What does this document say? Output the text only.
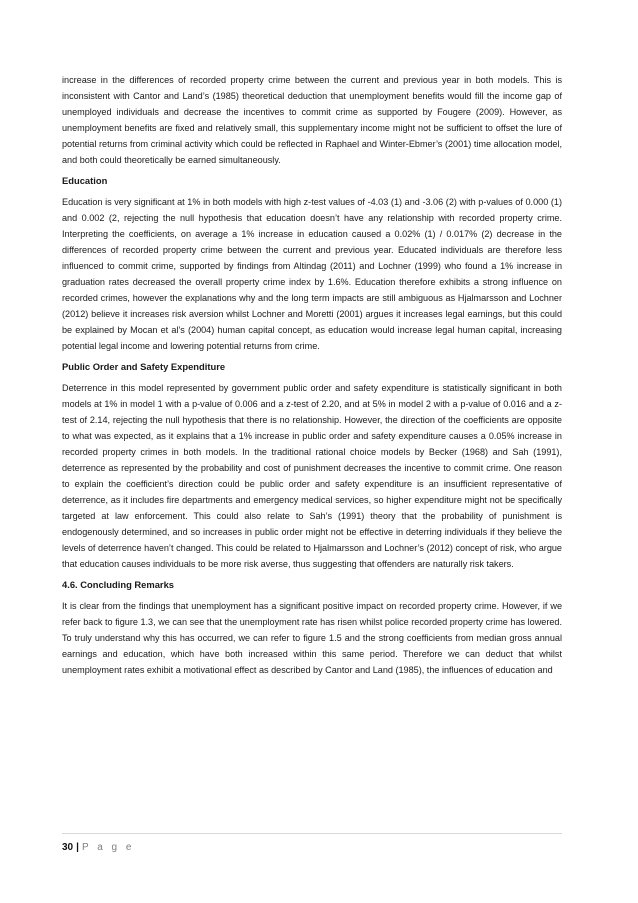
increase in the differences of recorded property crime between the current and previous year in both models. This is inconsistent with Cantor and Land’s (1985) theoretical deduction that unemployment benefits would fill the income gap of unemployed individuals and decrease the incentives to commit crime as supported by Fougere (2009). However, as unemployment benefits are fixed and relatively small, this supplementary income might not be sufficient to offset the lure of potential returns from criminal activity which could be reflected in Raphael and Winter-Ebmer’s (2001) time allocation model, and both could theoretically be earned simultaneously.

Education

Education is very significant at 1% in both models with high z-test values of -4.03 (1) and -3.06 (2) with p-values of 0.000 (1) and 0.002 (2, rejecting the null hypothesis that education doesn’t have any relationship with recorded property crime. Interpreting the coefficients, on average a 1% increase in education caused a 0.02% (1) / 0.017% (2) decrease in the differences of recorded property crime between the current and previous year. Educated individuals are therefore less influenced to commit crime, supported by findings from Altindag (2011) and Lochner (1999) who found a 1% increase in graduation rates decreased the overall property crime index by 1.6%. Education therefore exhibits a strong influence on recorded crimes, however the explanations why and the long term impacts are still ambiguous as Hjalmarsson and Lochner (2012) believe it increases risk aversion whilst Lochner and Moretti (2001) argues it increases legal earnings, but this could be explained by Mocan et al’s (2004) human capital concept, as education would increase legal human capital, increasing potential legal income and lowering potential returns from crime.

Public Order and Safety Expenditure

Deterrence in this model represented by government public order and safety expenditure is statistically significant in both models at 1% in model 1 with a p-value of 0.006 and a z-test of 2.20, and at 5% in model 2 with a p-value of 0.016 and a z-test of 2.14, rejecting the null hypothesis that there is no relationship. However, the direction of the coefficients are opposite to what was expected, as it explains that a 1% increase in public order and safety expenditure causes a 0.05% increase in recorded property crimes in both models. In the traditional rational choice models by Becker (1968) and Sah (1991), deterrence as represented by the probability and cost of punishment decreases the incentive to commit crime. One reason to explain the coefficient’s direction could be public order and safety expenditure is an insufficient representative of deterrence, as it includes fire departments and emergency medical services, so higher expenditure might not be specifically targeted at law enforcement. This could also relate to Sah’s (1991) theory that the probability of punishment is endogenously determined, and so increases in public order might not be effective in deterring individuals if they believe the levels of deterrence haven’t changed. This could be related to Hjalmarsson and Lochner’s (2012) concept of risk, who argue that education causes individuals to be more risk averse, thus suggesting that offenders are naturally risk takers.

4.6. Concluding Remarks

It is clear from the findings that unemployment has a significant positive impact on recorded property crime. However, if we refer back to figure 1.3, we can see that the unemployment rate has risen whilst police recorded property crime has lowered. To truly understand why this has occurred, we can refer to figure 1.5 and the strong coefficients from median gross annual earnings and education, which have both increased within this same period. Therefore we can deduct that whilst unemployment rates exhibit a motivational effect as described by Cantor and Land (1985), the influences of education and

30 | P a g e
